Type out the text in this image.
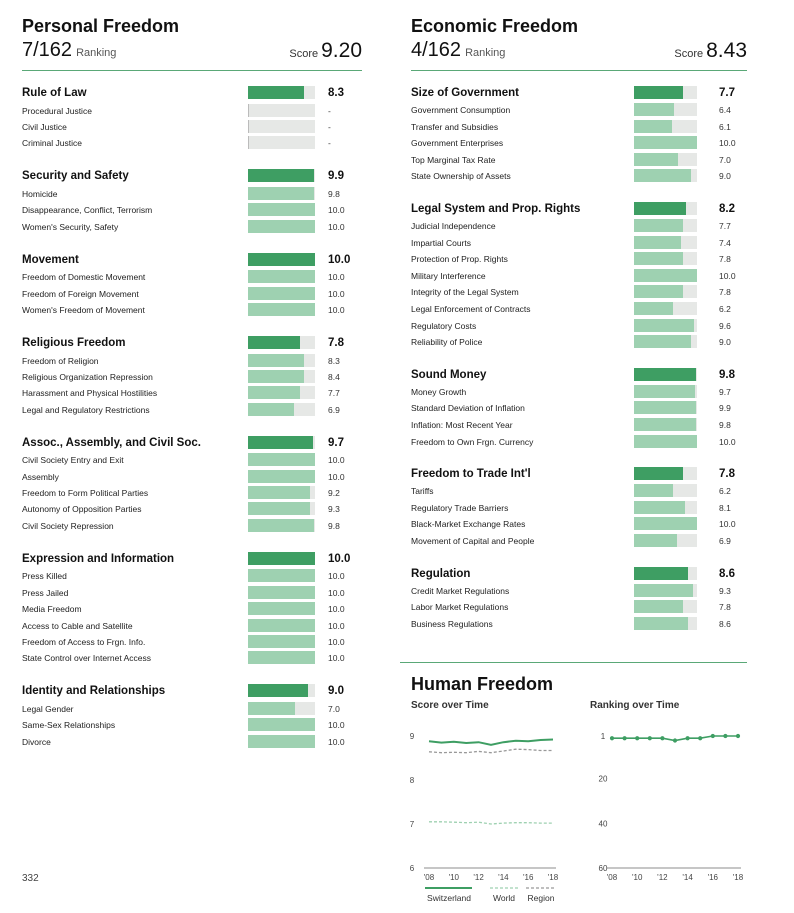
Personal Freedom
7/162 Ranking	Score 9.20
Rule of Law	8.3
Procedural Justice	-
Civil Justice	-
Criminal Justice	-
Security and Safety	9.9
Homicide	9.8
Disappearance, Conflict, Terrorism	10.0
Women's Security, Safety	10.0
Movement	10.0
Freedom of Domestic Movement	10.0
Freedom of Foreign Movement	10.0
Women's Freedom of Movement	10.0
Religious Freedom	7.8
Freedom of Religion	8.3
Religious Organization Repression	8.4
Harassment and Physical Hostilities	7.7
Legal and Regulatory Restrictions	6.9
Assoc., Assembly, and Civil Soc.	9.7
Civil Society Entry and Exit	10.0
Assembly	10.0
Freedom to Form Political Parties	9.2
Autonomy of Opposition Parties	9.3
Civil Society Repression	9.8
Expression and Information	10.0
Press Killed	10.0
Press Jailed	10.0
Media Freedom	10.0
Access to Cable and Satellite	10.0
Freedom of Access to Frgn. Info.	10.0
State Control over Internet Access	10.0
Identity and Relationships	9.0
Legal Gender	7.0
Same-Sex Relationships	10.0
Divorce	10.0
Economic Freedom
4/162 Ranking	Score 8.43
Size of Government	7.7
Government Consumption	6.4
Transfer and Subsidies	6.1
Government Enterprises	10.0
Top Marginal Tax Rate	7.0
State Ownership of Assets	9.0
Legal System and Prop. Rights	8.2
Judicial Independence	7.7
Impartial Courts	7.4
Protection of Prop. Rights	7.8
Military Interference	10.0
Integrity of the Legal System	7.8
Legal Enforcement of Contracts	6.2
Regulatory Costs	9.6
Reliability of Police	9.0
Sound Money	9.8
Money Growth	9.7
Standard Deviation of Inflation	9.9
Inflation: Most Recent Year	9.8
Freedom to Own Frgn. Currency	10.0
Freedom to Trade Int'l	7.8
Tariffs	6.2
Regulatory Trade Barriers	8.1
Black-Market Exchange Rates	10.0
Movement of Capital and People	6.9
Regulation	8.6
Credit Market Regulations	9.3
Labor Market Regulations	7.8
Business Regulations	8.6
Human Freedom
Score over Time	Ranking over Time
9
8
7
6
'08 '10 '12 '14 '16 '18
1
20
40
60
'08 '10 '12 '14 '16 '18
Switzerland	World Region
332
